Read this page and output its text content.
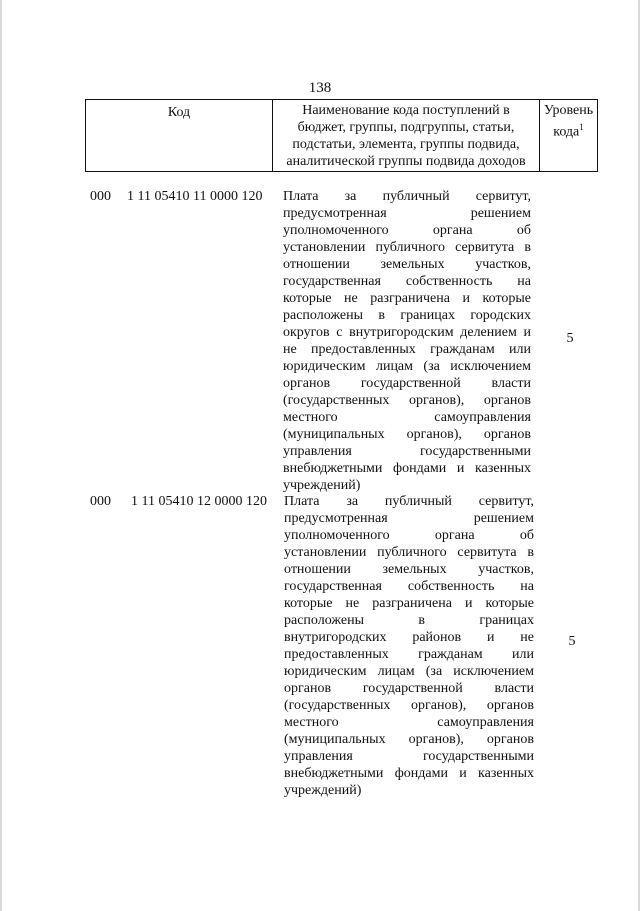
138
Код	Наименование кода поступлений в
бюджет, группы, подгруппы, статьи,
подстатьи, элемента, группы подвида,
аналитической группы подвида доходов

Уровень
кода$^1$
000	1 11 05410 11 0000 120	Плата за публичный сервитут,
предусмотренная решением
уполномоченного органа об
установлении публичного сервитута в
отношении земельных участков,
государственная собственность на
которые не разграничена и которые
расположены в границах городских
округов с внутригородским делением и
не предоставленных гражданам или
юридическим лицам (за исключением
органов государственной власти
(государственных органов), органов
местного самоуправления
(муниципальных органов), органов
управления государственными
внебюджетными фондами и казенных
учреждений)
5
000	1 11 05410 12 0000 120	Плата за публичный сервитут,
предусмотренная решением
уполномоченного органа об
установлении публичного сервитута в
отношении земельных участков,
государственная собственность на
которые не разграничена и которые
расположены в границах
внутригородских районов и не
предоставленных гражданам или
юридическим лицам (за исключением
органов государственной власти
(государственных органов), органов
местного самоуправления
(муниципальных органов), органов
управления государственными
внебюджетными фондами и казенных
учреждений)
5
